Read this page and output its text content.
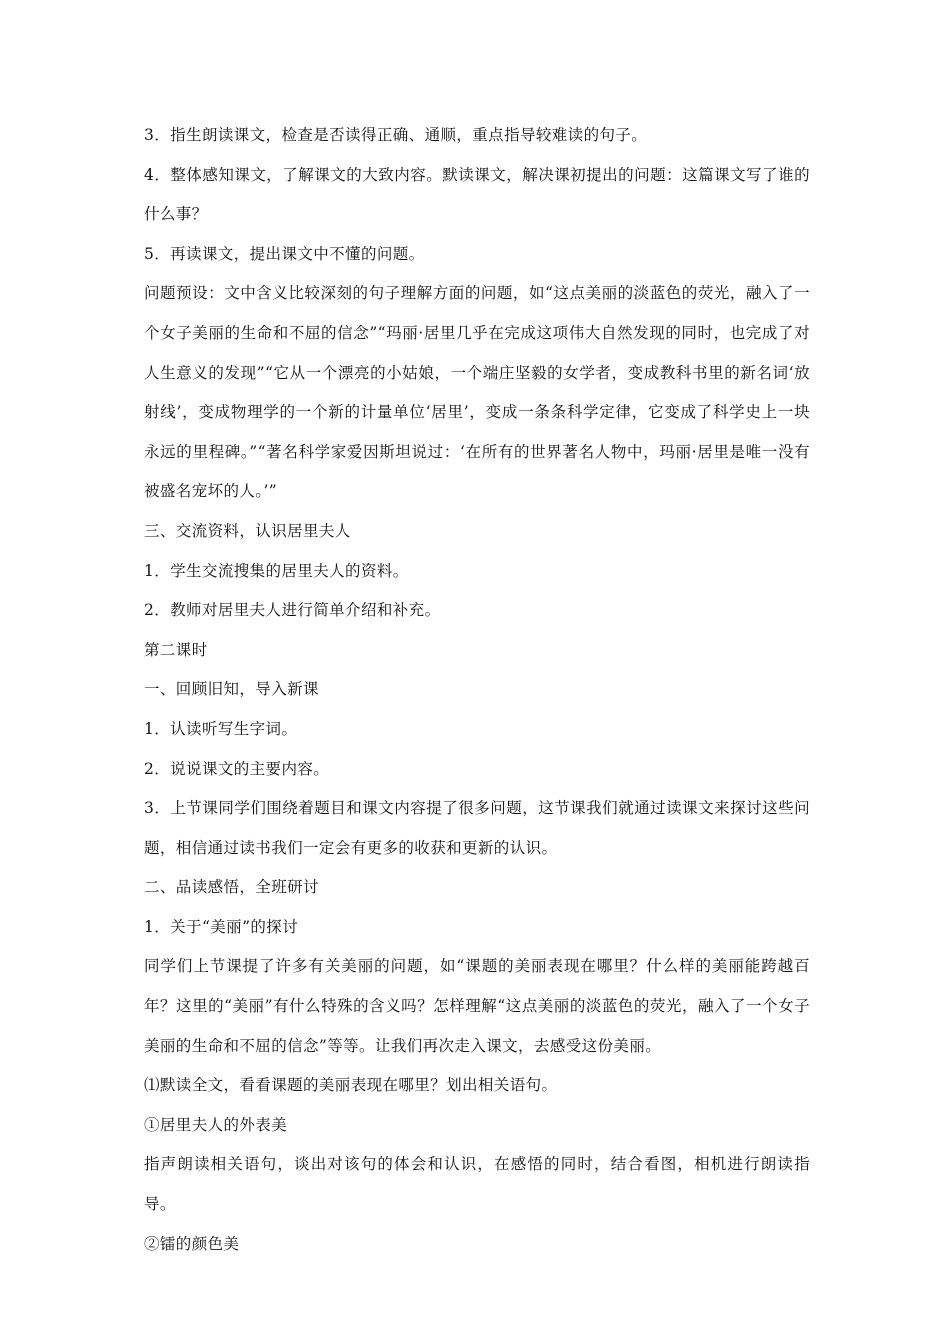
3．指生朗读课文，检查是否读得正确、通顺，重点指导较难读的句子。

4．整体感知课文，了解课文的大致内容。默读课文，解决课初提出的问题：这篇课文写了谁的什么事？

5．再读课文，提出课文中不懂的问题。

问题预设：文中含义比较深刻的句子理解方面的问题，如“这点美丽的淡蓝色的荧光，融入了一个女子美丽的生命和不屈的信念”“玛丽·居里几乎在完成这项伟大自然发现的同时，也完成了对人生意义的发现”“它从一个漂亮的小姑娘，一个端庄坚毅的女学者，变成教科书里的新名词‘放射线’，变成物理学的一个新的计量单位‘居里’，变成一条条科学定律，它变成了科学史上一块永远的里程碑。”“著名科学家爱因斯坦说过：‘在所有的世界著名人物中，玛丽·居里是唯一没有被盛名宠坏的人。’”

三、交流资料，认识居里夫人

1．学生交流搜集的居里夫人的资料。

2．教师对居里夫人进行简单介绍和补充。

第二课时

一、回顾旧知，导入新课

1．认读听写生字词。

2．说说课文的主要内容。

3．上节课同学们围绕着题目和课文内容提了很多问题，这节课我们就通过读课文来探讨这些问题，相信通过读书我们一定会有更多的收获和更新的认识。

二、品读感悟，全班研讨

1．关于“美丽”的探讨

同学们上节课提了许多有关美丽的问题，如“课题的美丽表现在哪里？什么样的美丽能跨越百年？这里的“美丽”有什么特殊的含义吗？怎样理解“这点美丽的淡蓝色的荧光，融入了一个女子美丽的生命和不屈的信念”等等。让我们再次走入课文，去感受这份美丽。

⑴默读全文，看看课题的美丽表现在哪里？划出相关语句。

①居里夫人的外表美

指声朗读相关语句，谈出对该句的体会和认识，在感悟的同时，结合看图，相机进行朗读指导。

②镭的颜色美
